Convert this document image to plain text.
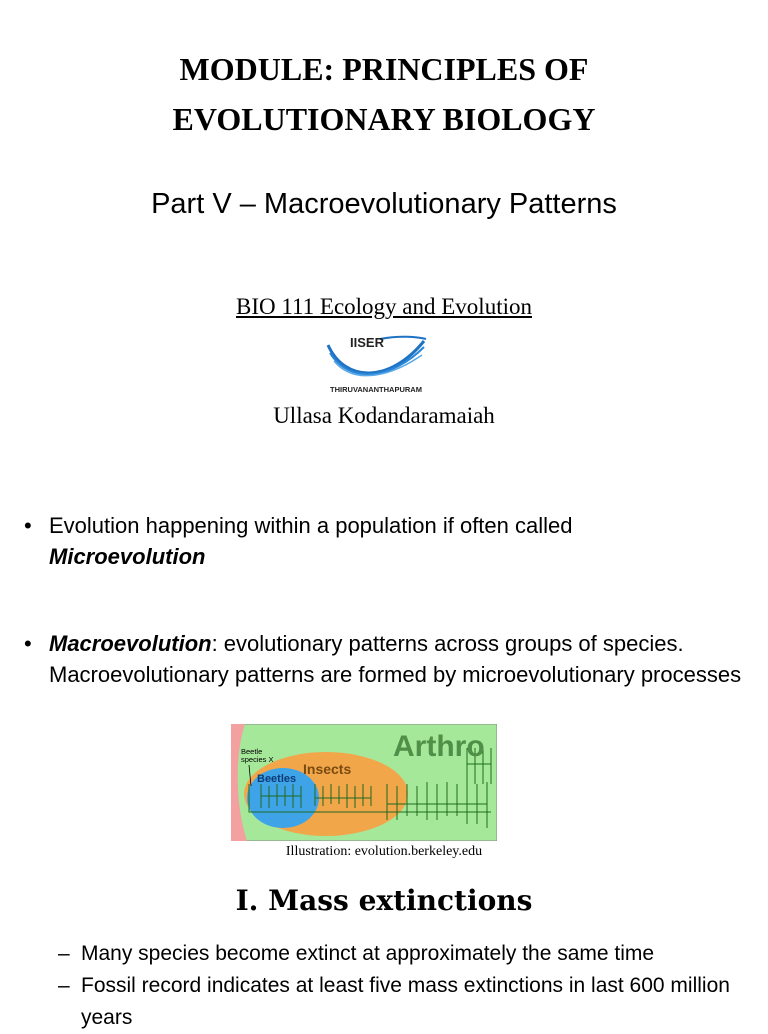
MODULE: PRINCIPLES OF
EVOLUTIONARY BIOLOGY
Part V – Macroevolutionary Patterns
BIO 111 Ecology and Evolution
IISER
THIRUVANANTHAPURAM
Ullasa Kodandaramaiah
• Evolution happening within a population if often called
Microevolution
• Macroevolution: evolutionary patterns across groups of species. Macroevolutionary patterns are formed by microevolutionary processes
Arthro
Insects
Beetles
Beetle
species X
Illustration: evolution.berkeley.edu
I. Mass extinctions
– Many species become extinct at approximately the same time
– Fossil record indicates at least five mass extinctions in last 600 million years
